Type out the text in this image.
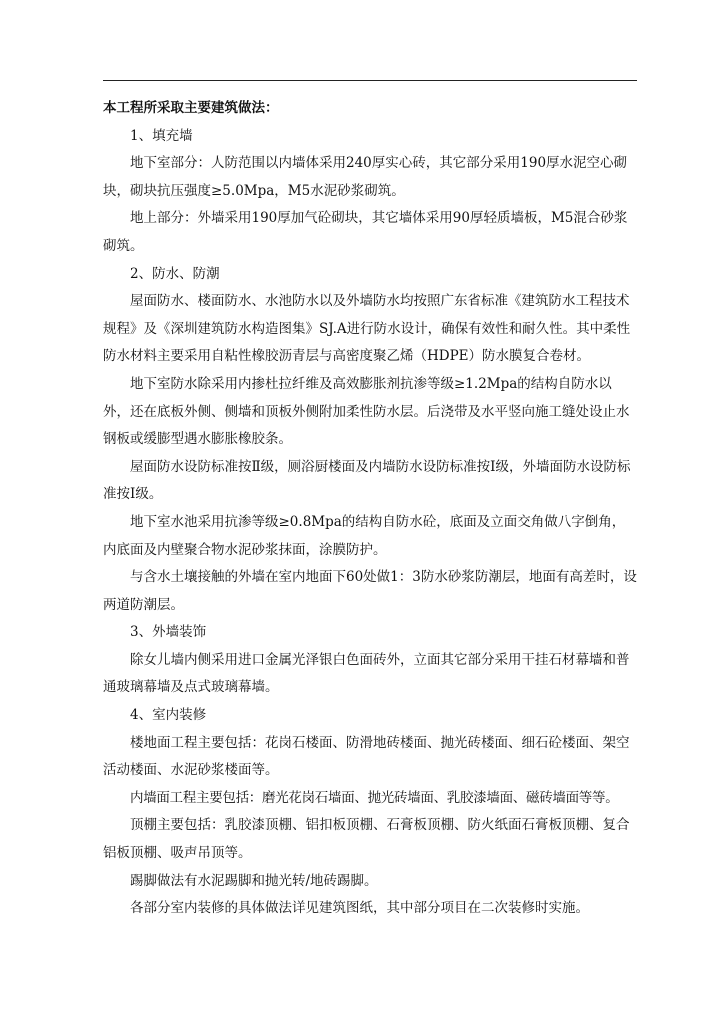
本工程所采取主要建筑做法：

1、填充墙

地下室部分：人防范围以内墙体采用240厚实心砖，其它部分采用190厚水泥空心砌块，砌块抗压强度≥5.0Mpa，M5水泥砂浆砌筑。

地上部分：外墙采用190厚加气砼砌块，其它墙体采用90厚轻质墙板，M5混合砂浆砌筑。

2、防水、防潮

屋面防水、楼面防水、水池防水以及外墙防水均按照广东省标准《建筑防水工程技术规程》及《深圳建筑防水构造图集》SJ.A进行防水设计，确保有效性和耐久性。其中柔性防水材料主要采用自粘性橡胶沥青层与高密度聚乙烯（HDPE）防水膜复合卷材。

地下室防水除采用内掺杜拉纤维及高效膨胀剂抗渗等级≥1.2Mpa的结构自防水以外，还在底板外侧、侧墙和顶板外侧附加柔性防水层。后浇带及水平竖向施工缝处设止水钢板或缓膨型遇水膨胀橡胶条。

屋面防水设防标准按Ⅱ级，厕浴厨楼面及内墙防水设防标准按Ⅰ级，外墙面防水设防标准按Ⅰ级。

地下室水池采用抗渗等级≥0.8Mpa的结构自防水砼，底面及立面交角做八字倒角，内底面及内壁聚合物水泥砂浆抹面，涂膜防护。

与含水土壤接触的外墙在室内地面下60处做1：3防水砂浆防潮层，地面有高差时，设两道防潮层。

3、外墙装饰

除女儿墙内侧采用进口金属光泽银白色面砖外，立面其它部分采用干挂石材幕墙和普通玻璃幕墙及点式玻璃幕墙。

4、室内装修

楼地面工程主要包括：花岗石楼面、防滑地砖楼面、抛光砖楼面、细石砼楼面、架空活动楼面、水泥砂浆楼面等。

内墙面工程主要包括：磨光花岗石墙面、抛光砖墙面、乳胶漆墙面、磁砖墙面等等。

顶棚主要包括：乳胶漆顶棚、铝扣板顶棚、石膏板顶棚、防火纸面石膏板顶棚、复合铝板顶棚、吸声吊顶等。

踢脚做法有水泥踢脚和抛光转/地砖踢脚。

各部分室内装修的具体做法详见建筑图纸，其中部分项目在二次装修时实施。
